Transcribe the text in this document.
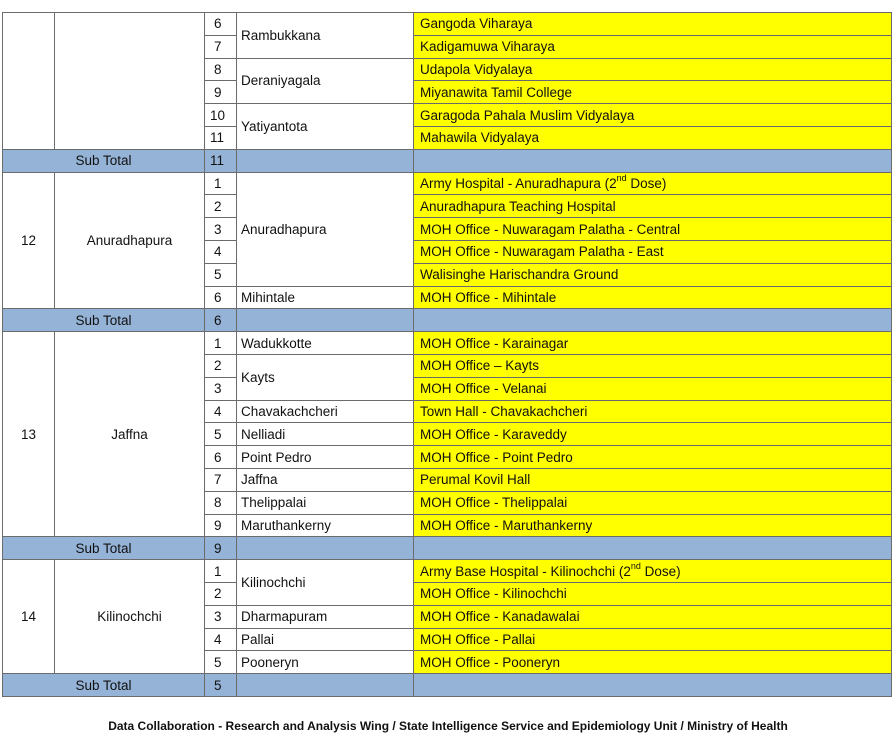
		6	Rambukkana	Gangoda Viharaya
		7		Kadigamuwa Viharaya
		8	Deraniyagala	Udapola Vidyalaya
		9		Miyanawita Tamil College
		10	Yatiyantota	Garagoda Pahala Muslim Vidyalaya
		11		Mahawila Vidyalaya
Sub Total		11		
12	Anuradhapura	1	Anuradhapura	Army Hospital - Anuradhapura (2nd Dose)
		2		Anuradhapura Teaching Hospital
		3		MOH Office - Nuwaragam Palatha - Central
		4		MOH Office - Nuwaragam Palatha - East
		5		Walisinghe Harischandra Ground
		6	Mihintale	MOH Office - Mihintale
Sub Total		6		
13	Jaffna	1	Wadukkotte	MOH Office - Karainagar
		2	Kayts	MOH Office – Kayts
		3		MOH Office - Velanai
		4	Chavakachcheri	Town Hall - Chavakachcheri
		5	Nelliadi	MOH Office - Karaveddy
		6	Point Pedro	MOH Office - Point Pedro
		7	Jaffna	Perumal Kovil Hall
		8	Thelippalai	MOH Office - Thelippalai
		9	Maruthankerny	MOH Office - Maruthankerny
Sub Total		9		
14	Kilinochchi	1	Kilinochchi	Army Base Hospital - Kilinochchi (2nd Dose)
		2		MOH Office - Kilinochchi
		3	Dharmapuram	MOH Office - Kanadawalai
		4	Pallai	MOH Office - Pallai
		5	Pooneryn	MOH Office - Pooneryn
Sub Total		5		
Data Collaboration - Research and Analysis Wing / State Intelligence Service and Epidemiology Unit / Ministry of Health
